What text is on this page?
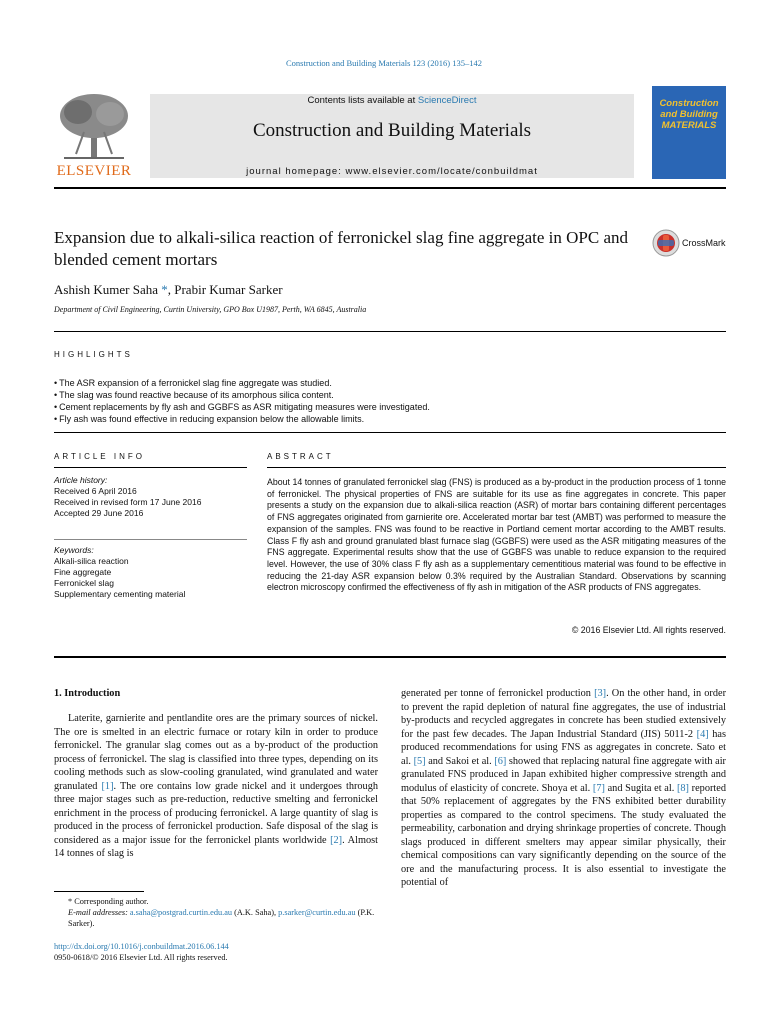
Construction and Building Materials 123 (2016) 135–142
ELSEVIER
Contents lists available at ScienceDirect
Construction and Building Materials
journal homepage: www.elsevier.com/locate/conbuildmat
Construction
and Building
MATERIALS
Expansion due to alkali-silica reaction of ferronickel slag fine aggregate in OPC and blended cement mortars
CrossMark
Ashish Kumer Saha *, Prabir Kumar Sarker
Department of Civil Engineering, Curtin University, GPO Box U1987, Perth, WA 6845, Australia
HIGHLIGHTS
• The ASR expansion of a ferronickel slag fine aggregate was studied.
• The slag was found reactive because of its amorphous silica content.
• Cement replacements by fly ash and GGBFS as ASR mitigating measures were investigated.
• Fly ash was found effective in reducing expansion below the allowable limits.
ARTICLE INFO
Article history:
Received 6 April 2016
Received in revised form 17 June 2016
Accepted 29 June 2016
Keywords:
Alkali-silica reaction
Fine aggregate
Ferronickel slag
Supplementary cementing material
ABSTRACT
About 14 tonnes of granulated ferronickel slag (FNS) is produced as a by-product in the production process of 1 tonne of ferronickel. The physical properties of FNS are suitable for its use as fine aggregates in concrete. This paper presents a study on the expansion due to alkali-silica reaction (ASR) of mortar bars containing different percentages of FNS aggregates originated from garnierite ore. Accelerated mortar bar test (AMBT) was performed to measure the expansion of the samples. FNS was found to be reactive in Portland cement mortar according to the AMBT results. Class F fly ash and ground granulated blast furnace slag (GGBFS) were used as the ASR mitigating measures of the FNS aggregate. Experimental results show that the use of GGBFS was unable to reduce expansion to the required level. However, the use of 30% class F fly ash as a supplementary cementitious material was found to be effective in reducing the 21-day ASR expansion below 0.3% required by the Australian Standard. Observations by scanning electron microscopy confirmed the effectiveness of fly ash in mitigation of the ASR products of FNS aggregates.
© 2016 Elsevier Ltd. All rights reserved.
1. Introduction

Laterite, garnierite and pentlandite ores are the primary sources of nickel. The ore is smelted in an electric furnace or rotary kiln in order to produce ferronickel. The granular slag comes out as a by-product of the production process of ferronickel. The slag is classified into three types, depending on its cooling methods such as slow-cooling granulated, wind granulated and water granulated [1]. The ore contains low grade nickel and it undergoes through three major stages such as pre-reduction, reductive smelting and ferronickel enrichment in the process of producing ferronickel. A large quantity of slag is produced in the process of ferronickel production. Safe disposal of the slag is considered as a major issue for the ferronickel plants worldwide [2]. Almost 14 tonnes of slag is

generated per tonne of ferronickel production [3]. On the other hand, in order to prevent the rapid depletion of natural fine aggregates, the use of industrial by-products and recycled aggregates in concrete has been studied extensively for the past few decades. The Japan Industrial Standard (JIS) 5011-2 [4] has produced recommendations for using FNS as aggregates in concrete. Sato et al. [5] and Sakoi et al. [6] showed that replacing natural fine aggregate with air granulated FNS produced in Japan exhibited higher compressive strength and modulus of elasticity of concrete. Shoya et al. [7] and Sugita et al. [8] reported that 50% replacement of aggregates by the FNS exhibited better durability properties as compared to the control specimens. The study evaluated the permeability, carbonation and drying shrinkage properties of concrete. Though slags produced in different smelters may appear similar physically, their chemical compositions can vary significantly depending on the source of the ore and the manufacturing process. It is also essential to investigate the potential of

* Corresponding author.
E-mail addresses: a.saha@postgrad.curtin.edu.au (A.K. Saha), p.sarker@curtin.edu.au (P.K. Sarker).
http://dx.doi.org/10.1016/j.conbuildmat.2016.06.144
0950-0618/© 2016 Elsevier Ltd. All rights reserved.
